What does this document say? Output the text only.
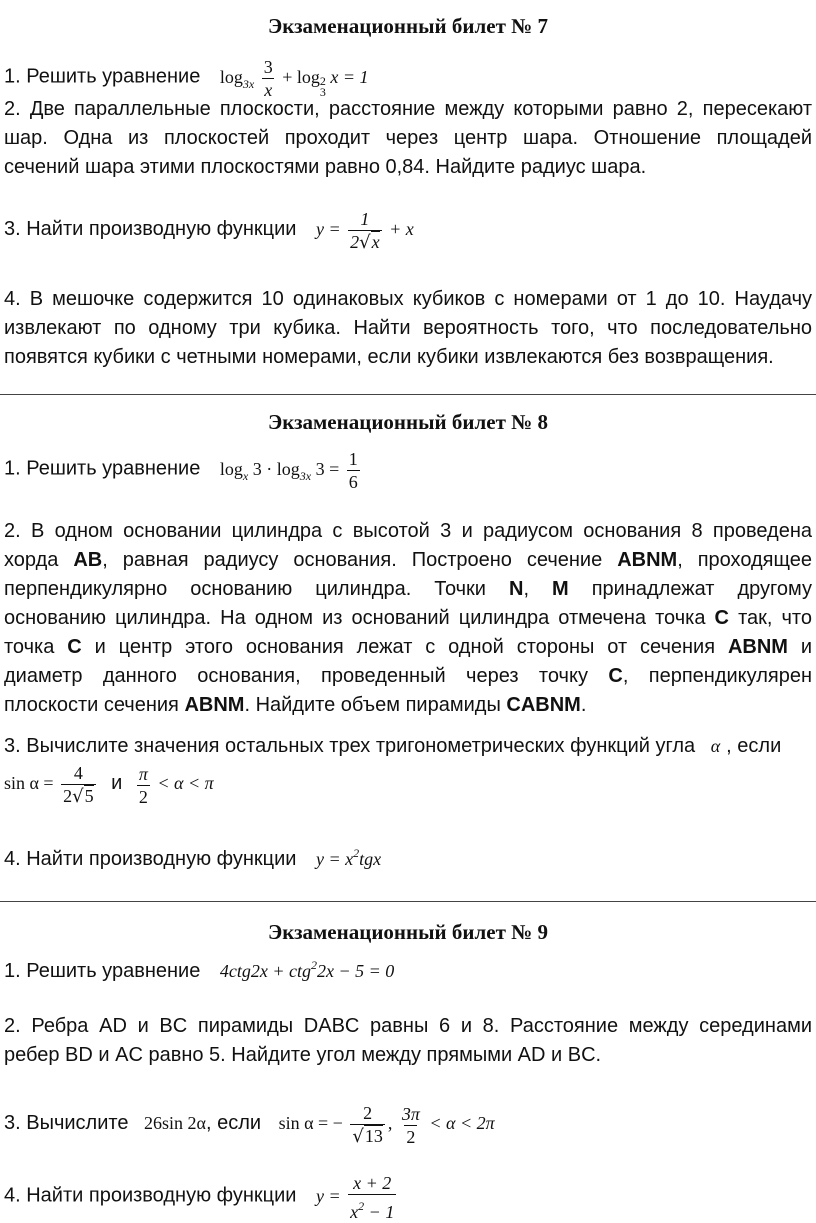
Экзаменационный билет № 7
1. Решить уравнение $\log_{3x} \frac{3}{x} + \log 2$
3
x = 1
2. Две параллельные плоскости, расстояние между которыми равно 2, пересекают
шар. Одна из плоскостей проходит через центр шара. Отношение площадей
сечений шара этими плоскостями равно 0,84. Найдите радиус шара.
3. Найти производную функции $y = \frac{1}{2√x} + x$
4. В мешочке содержится 10 одинаковых кубиков с номерами от 1 до 10. Наудачу
извлекают по одному три кубика. Найти вероятность того, что последовательно
появятся кубики с четными номерами, если кубики извлекаются без возвращения.
Экзаменационный билет № 8
1. Решить уравнение $\log_x 3 \cdot \log_{3x} 3 = \frac{1}{6}$
2. В одном основании цилиндра с высотой 3 и радиусом основания 8 проведена
хорда AB, равная радиусу основания. Построено сечение ABNM, проходящее
перпендикулярно основанию цилиндра. Точки N, M принадлежат другому
основанию цилиндра. На одном из оснований цилиндра отмечена точка C так, что
точка C и центр этого основания лежат с одной стороны от сечения ABNM и
диаметр данного основания, проведенный через точку C, перпендикулярен
плоскости сечения ABNM. Найдите объем пирамиды CABNM.
3. Вычислите значения остальных трех тригонометрических функций угла α , если
$\sin \alpha = \frac{4}{2√5}$ и $\frac{\pi}{2} < \alpha < \pi$
4. Найти производную функции $y = x^2tgx$
Экзаменационный билет № 9
1. Решить уравнение 4ctg2x + ctg$^2$2x − 5 = 0
2. Ребра AD и BC пирамиды DABC равны 6 и 8. Расстояние между серединами
ребер BD и AC равно 5. Найдите угол между прямыми AD и BC.
3. Вычислите 26sin 2α, если sin α = − $\frac{2}{√13}$ , $\frac{3\pi}{2} < \alpha < 2\pi$
4. Найти производную функции $y = \frac{x + 2}{x^2 - 1}$
